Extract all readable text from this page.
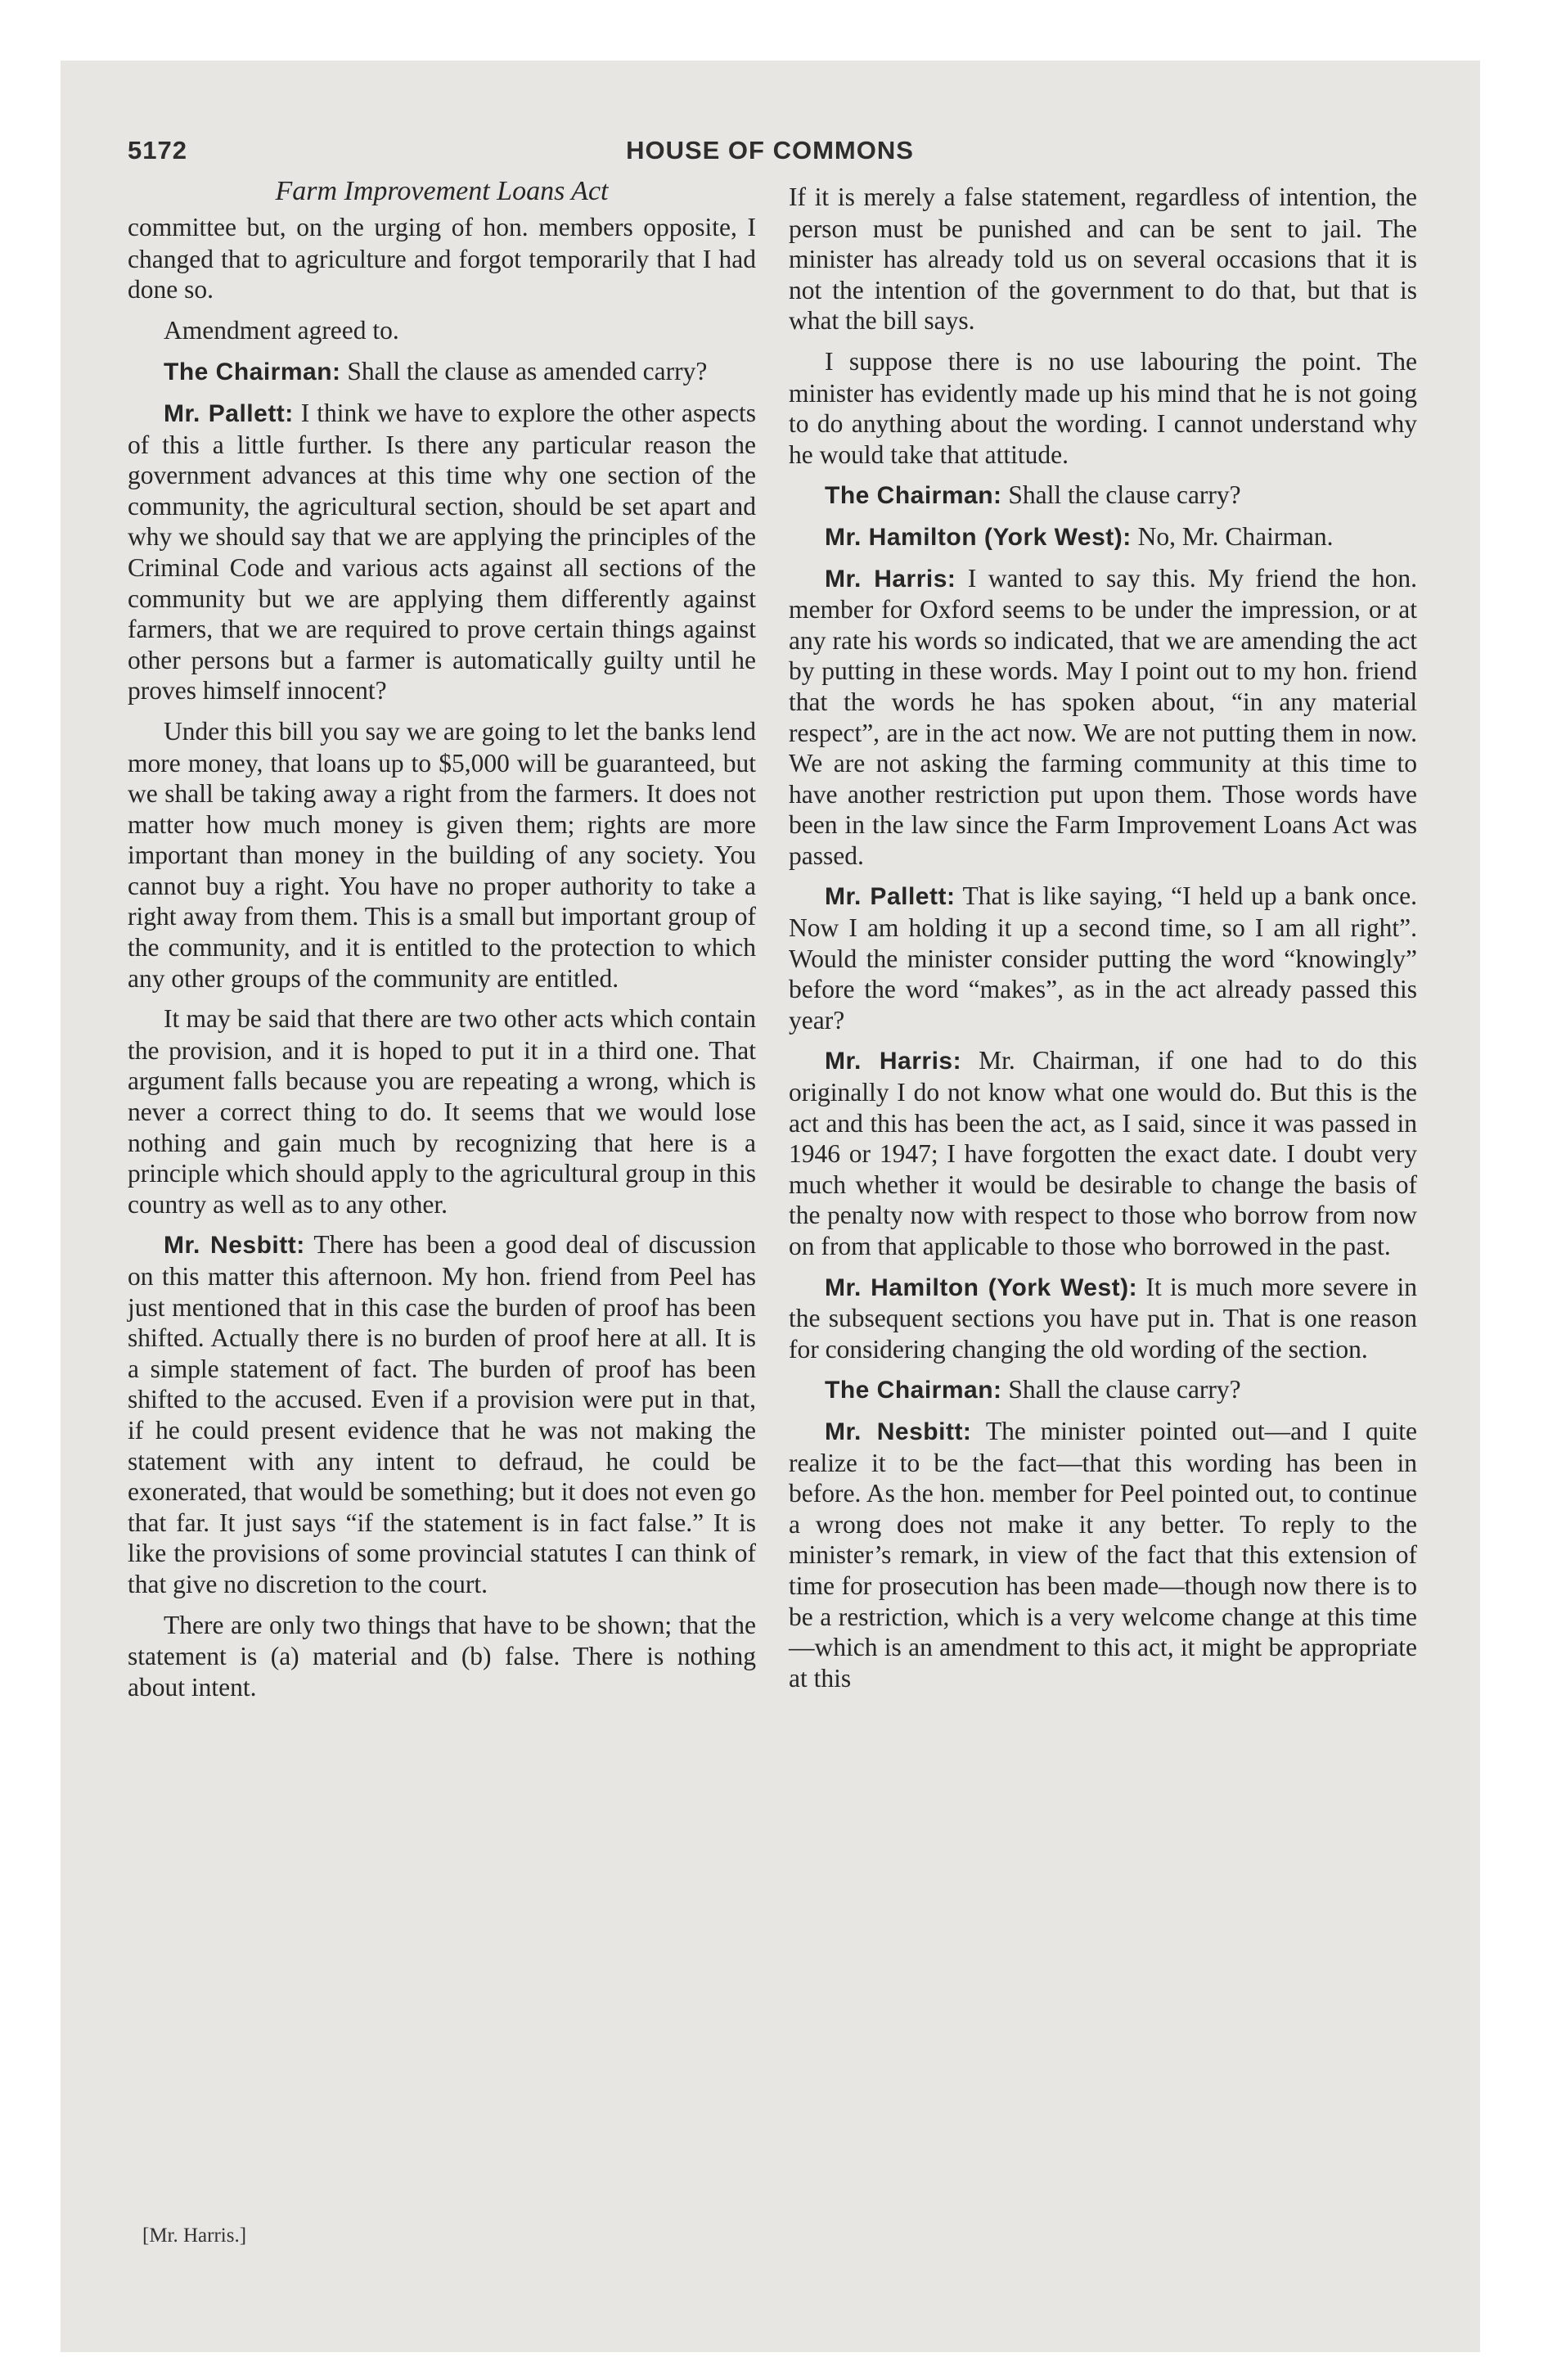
5172	HOUSE OF COMMONS
Farm Improvement Loans Act

committee but, on the urging of hon. members opposite, I changed that to agriculture and forgot temporarily that I had done so.

Amendment agreed to.

The Chairman: Shall the clause as amended carry?

Mr. Pallett: I think we have to explore the other aspects of this a little further. Is there any particular reason the government advances at this time why one section of the community, the agricultural section, should be set apart and why we should say that we are applying the principles of the Criminal Code and various acts against all sections of the community but we are applying them differently against farmers, that we are required to prove certain things against other persons but a farmer is automatically guilty until he proves himself innocent?

Under this bill you say we are going to let the banks lend more money, that loans up to $5,000 will be guaranteed, but we shall be taking away a right from the farmers. It does not matter how much money is given them; rights are more important than money in the building of any society. You cannot buy a right. You have no proper authority to take a right away from them. This is a small but important group of the community, and it is entitled to the protection to which any other groups of the community are entitled.

It may be said that there are two other acts which contain the provision, and it is hoped to put it in a third one. That argument falls because you are repeating a wrong, which is never a correct thing to do. It seems that we would lose nothing and gain much by recognizing that here is a principle which should apply to the agricultural group in this country as well as to any other.

Mr. Nesbitt: There has been a good deal of discussion on this matter this afternoon. My hon. friend from Peel has just mentioned that in this case the burden of proof has been shifted. Actually there is no burden of proof here at all. It is a simple statement of fact. The burden of proof has been shifted to the accused. Even if a provision were put in that, if he could present evidence that he was not making the statement with any intent to defraud, he could be exonerated, that would be something; but it does not even go that far. It just says “if the statement is in fact false.” It is like the provisions of some provincial statutes I can think of that give no discretion to the court.

There are only two things that have to be shown; that the statement is (a) material and (b) false. There is nothing about intent.

If it is merely a false statement, regardless of intention, the person must be punished and can be sent to jail. The minister has already told us on several occasions that it is not the intention of the government to do that, but that is what the bill says.

I suppose there is no use labouring the point. The minister has evidently made up his mind that he is not going to do anything about the wording. I cannot understand why he would take that attitude.

The Chairman: Shall the clause carry?

Mr. Hamilton (York West): No, Mr. Chairman.

Mr. Harris: I wanted to say this. My friend the hon. member for Oxford seems to be under the impression, or at any rate his words so indicated, that we are amending the act by putting in these words. May I point out to my hon. friend that the words he has spoken about, “in any material respect”, are in the act now. We are not putting them in now. We are not asking the farming community at this time to have another restriction put upon them. Those words have been in the law since the Farm Improvement Loans Act was passed.

Mr. Pallett: That is like saying, “I held up a bank once. Now I am holding it up a second time, so I am all right”. Would the minister consider putting the word “knowingly” before the word “makes”, as in the act already passed this year?

Mr. Harris: Mr. Chairman, if one had to do this originally I do not know what one would do. But this is the act and this has been the act, as I said, since it was passed in 1946 or 1947; I have forgotten the exact date. I doubt very much whether it would be desirable to change the basis of the penalty now with respect to those who borrow from now on from that applicable to those who borrowed in the past.

Mr. Hamilton (York West): It is much more severe in the subsequent sections you have put in. That is one reason for considering changing the old wording of the section.

The Chairman: Shall the clause carry?

Mr. Nesbitt: The minister pointed out—and I quite realize it to be the fact—that this wording has been in before. As the hon. member for Peel pointed out, to continue a wrong does not make it any better. To reply to the minister’s remark, in view of the fact that this extension of time for prosecution has been made—though now there is to be a restriction, which is a very welcome change at this time—which is an amendment to this act, it might be appropriate at this

[Mr. Harris.]
